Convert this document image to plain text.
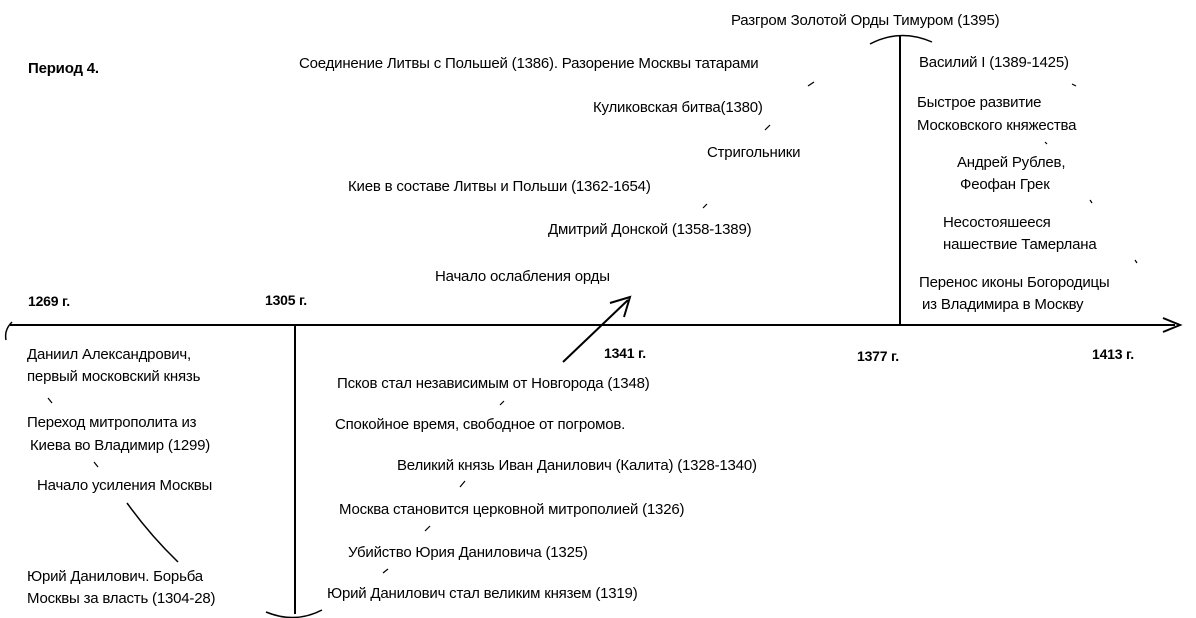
Период 4.
1269 г.	1305 г.
1341 г.	1377 г.	1413 г.
Разгром Золотой Орды Тимуром (1395)
Соединение Литвы с Польшей (1386). Разорение Москвы татарами
Куликовская битва(1380)
Стригольники
Киев в составе Литвы и Польши (1362-1654)
Дмитрий Донской (1358-1389)
Начало ослабления орды
Василий I (1389-1425)
Быстрое развитие
Московского княжества
Андрей Рублев,
Феофан Грек
Несостояшееся
нашествие Тамерлана
Перенос иконы Богородицы
из Владимира в Москву
Даниил Александрович,
первый московский князь
Переход митрополита из
Киева во Владимир (1299)
Начало усиления Москвы
Юрий Данилович. Борьба
Москвы за власть (1304-28)
Псков стал независимым от Новгорода (1348)
Спокойное время, свободное от погромов.
Великий князь Иван Данилович (Калита) (1328-1340)
Москва становится церковной митрополией (1326)
Убийство Юрия Даниловича (1325)
Юрий Данилович стал великим князем (1319)
